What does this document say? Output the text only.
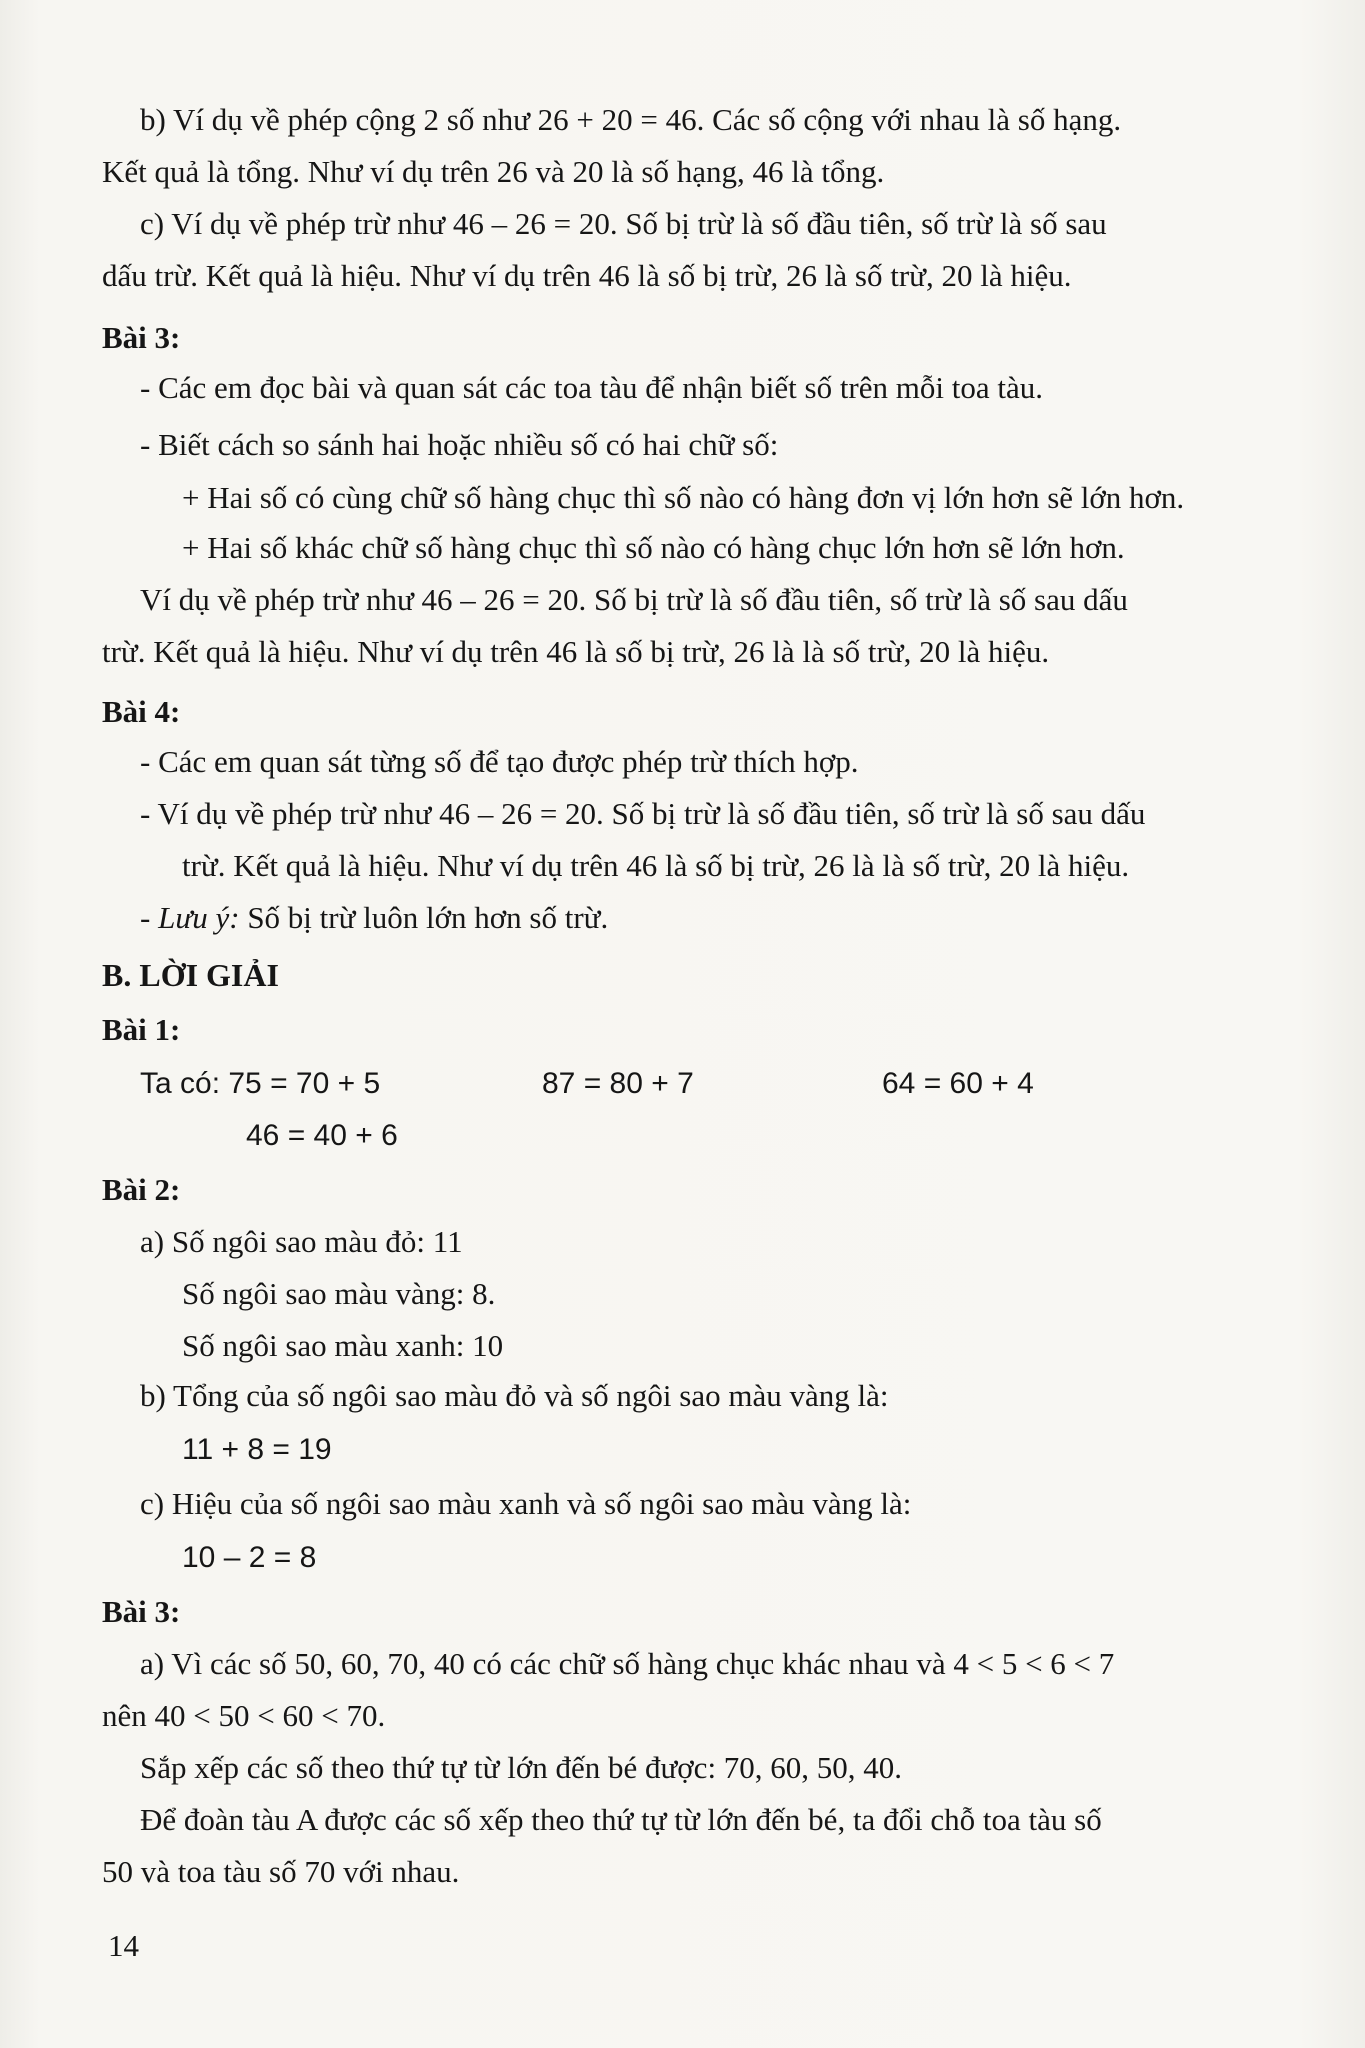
b) Ví dụ về phép cộng 2 số như 26 + 20 = 46. Các số cộng với nhau là số hạng.
Kết quả là tổng. Như ví dụ trên 26 và 20 là số hạng, 46 là tổng.
c) Ví dụ về phép trừ như 46 – 26 = 20. Số bị trừ là số đầu tiên, số trừ là số sau
dấu trừ. Kết quả là hiệu. Như ví dụ trên 46 là số bị trừ, 26 là số trừ, 20 là hiệu.
Bài 3:
- Các em đọc bài và quan sát các toa tàu để nhận biết số trên mỗi toa tàu.
- Biết cách so sánh hai hoặc nhiều số có hai chữ số:
+ Hai số có cùng chữ số hàng chục thì số nào có hàng đơn vị lớn hơn sẽ lớn hơn.
+ Hai số khác chữ số hàng chục thì số nào có hàng chục lớn hơn sẽ lớn hơn.
Ví dụ về phép trừ như 46 – 26 = 20. Số bị trừ là số đầu tiên, số trừ là số sau dấu
trừ. Kết quả là hiệu. Như ví dụ trên 46 là số bị trừ, 26 là là số trừ, 20 là hiệu.
Bài 4:
- Các em quan sát từng số để tạo được phép trừ thích hợp.
- Ví dụ về phép trừ như 46 – 26 = 20. Số bị trừ là số đầu tiên, số trừ là số sau dấu
trừ. Kết quả là hiệu. Như ví dụ trên 46 là số bị trừ, 26 là là số trừ, 20 là hiệu.
- Lưu ý: Số bị trừ luôn lớn hơn số trừ.
B. LỜI GIẢI
Bài 1:
Ta có: 75 = 70 + 5	87 = 80 + 7	64 = 60 + 4
46 = 40 + 6
Bài 2:
a) Số ngôi sao màu đỏ: 11
Số ngôi sao màu vàng: 8.
Số ngôi sao màu xanh: 10
b) Tổng của số ngôi sao màu đỏ và số ngôi sao màu vàng là:
11 + 8 = 19
c) Hiệu của số ngôi sao màu xanh và số ngôi sao màu vàng là:
10 – 2 = 8
Bài 3:
a) Vì các số 50, 60, 70, 40 có các chữ số hàng chục khác nhau và 4 < 5 < 6 < 7
nên 40 < 50 < 60 < 70.
Sắp xếp các số theo thứ tự từ lớn đến bé được: 70, 60, 50, 40.
Để đoàn tàu A được các số xếp theo thứ tự từ lớn đến bé, ta đổi chỗ toa tàu số
50 và toa tàu số 70 với nhau.
14
